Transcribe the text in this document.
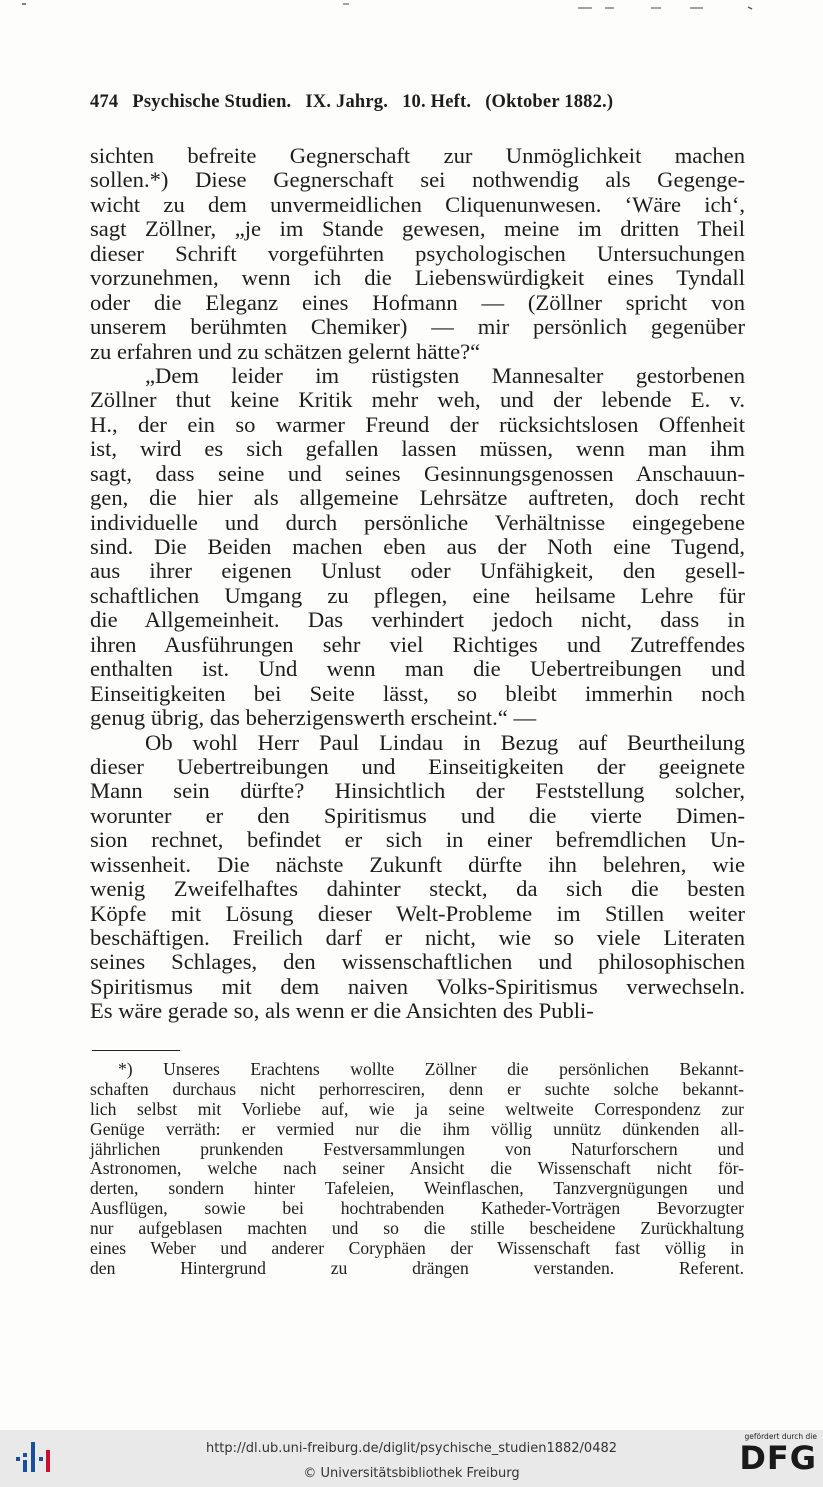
474 Psychische Studien. IX. Jahrg. 10. Heft. (Oktober 1882.)
sichten befreite Gegnerschaft zur Unmöglichkeit machen
sollen.*) Diese Gegnerschaft sei nothwendig als Gegenge-
wicht zu dem unvermeidlichen Cliquenunwesen. ‘Wäre ich‘,
sagt Zöllner, „je im Stande gewesen, meine im dritten Theil
dieser Schrift vorgeführten psychologischen Untersuchungen
vorzunehmen, wenn ich die Liebenswürdigkeit eines Tyndall
oder die Eleganz eines Hofmann — (Zöllner spricht von
unserem berühmten Chemiker) — mir persönlich gegenüber
zu erfahren und zu schätzen gelernt hätte?“
„Dem leider im rüstigsten Mannesalter gestorbenen
Zöllner thut keine Kritik mehr weh, und der lebende E. v.
H., der ein so warmer Freund der rücksichtslosen Offenheit
ist, wird es sich gefallen lassen müssen, wenn man ihm
sagt, dass seine und seines Gesinnungsgenossen Anschauun-
gen, die hier als allgemeine Lehrsätze auftreten, doch recht
individuelle und durch persönliche Verhältnisse eingegebene
sind. Die Beiden machen eben aus der Noth eine Tugend,
aus ihrer eigenen Unlust oder Unfähigkeit, den gesell-
schaftlichen Umgang zu pflegen, eine heilsame Lehre für
die Allgemeinheit. Das verhindert jedoch nicht, dass in
ihren Ausführungen sehr viel Richtiges und Zutreffendes
enthalten ist. Und wenn man die Uebertreibungen und
Einseitigkeiten bei Seite lässt, so bleibt immerhin noch
genug übrig, das beherzigenswerth erscheint.“ —
Ob wohl Herr Paul Lindau in Bezug auf Beurtheilung
dieser Uebertreibungen und Einseitigkeiten der geeignete
Mann sein dürfte? Hinsichtlich der Feststellung solcher,
worunter er den Spiritismus und die vierte Dimen-
sion rechnet, befindet er sich in einer befremdlichen Un-
wissenheit. Die nächste Zukunft dürfte ihn belehren, wie
wenig Zweifelhaftes dahinter steckt, da sich die besten
Köpfe mit Lösung dieser Welt-Probleme im Stillen weiter
beschäftigen. Freilich darf er nicht, wie so viele Literaten
seines Schlages, den wissenschaftlichen und philosophischen
Spiritismus mit dem naiven Volks-Spiritismus verwechseln.
Es wäre gerade so, als wenn er die Ansichten des Publi-
*) Unseres Erachtens wollte Zöllner die persönlichen Bekannt-
schaften durchaus nicht perhorresciren, denn er suchte solche bekannt-
lich selbst mit Vorliebe auf, wie ja seine weltweite Correspondenz zur
Genüge verräth: er vermied nur die ihm völlig unnütz dünkenden all-
jährlichen prunkenden Festversammlungen von Naturforschern und
Astronomen, welche nach seiner Ansicht die Wissenschaft nicht för-
derten, sondern hinter Tafeleien, Weinflaschen, Tanzvergnügungen und
Ausflügen, sowie bei hochtrabenden Katheder-Vorträgen Bevorzugter
nur aufgeblasen machten und so die stille bescheidene Zurückhaltung
eines Weber und anderer Coryphäen der Wissenschaft fast völlig in
den Hintergrund zu drängen verstanden. Referent.
http://dl.ub.uni-freiburg.de/diglit/psychische_studien1882/0482
© Universitätsbibliothek Freiburg
gefördert durch die
DFG
